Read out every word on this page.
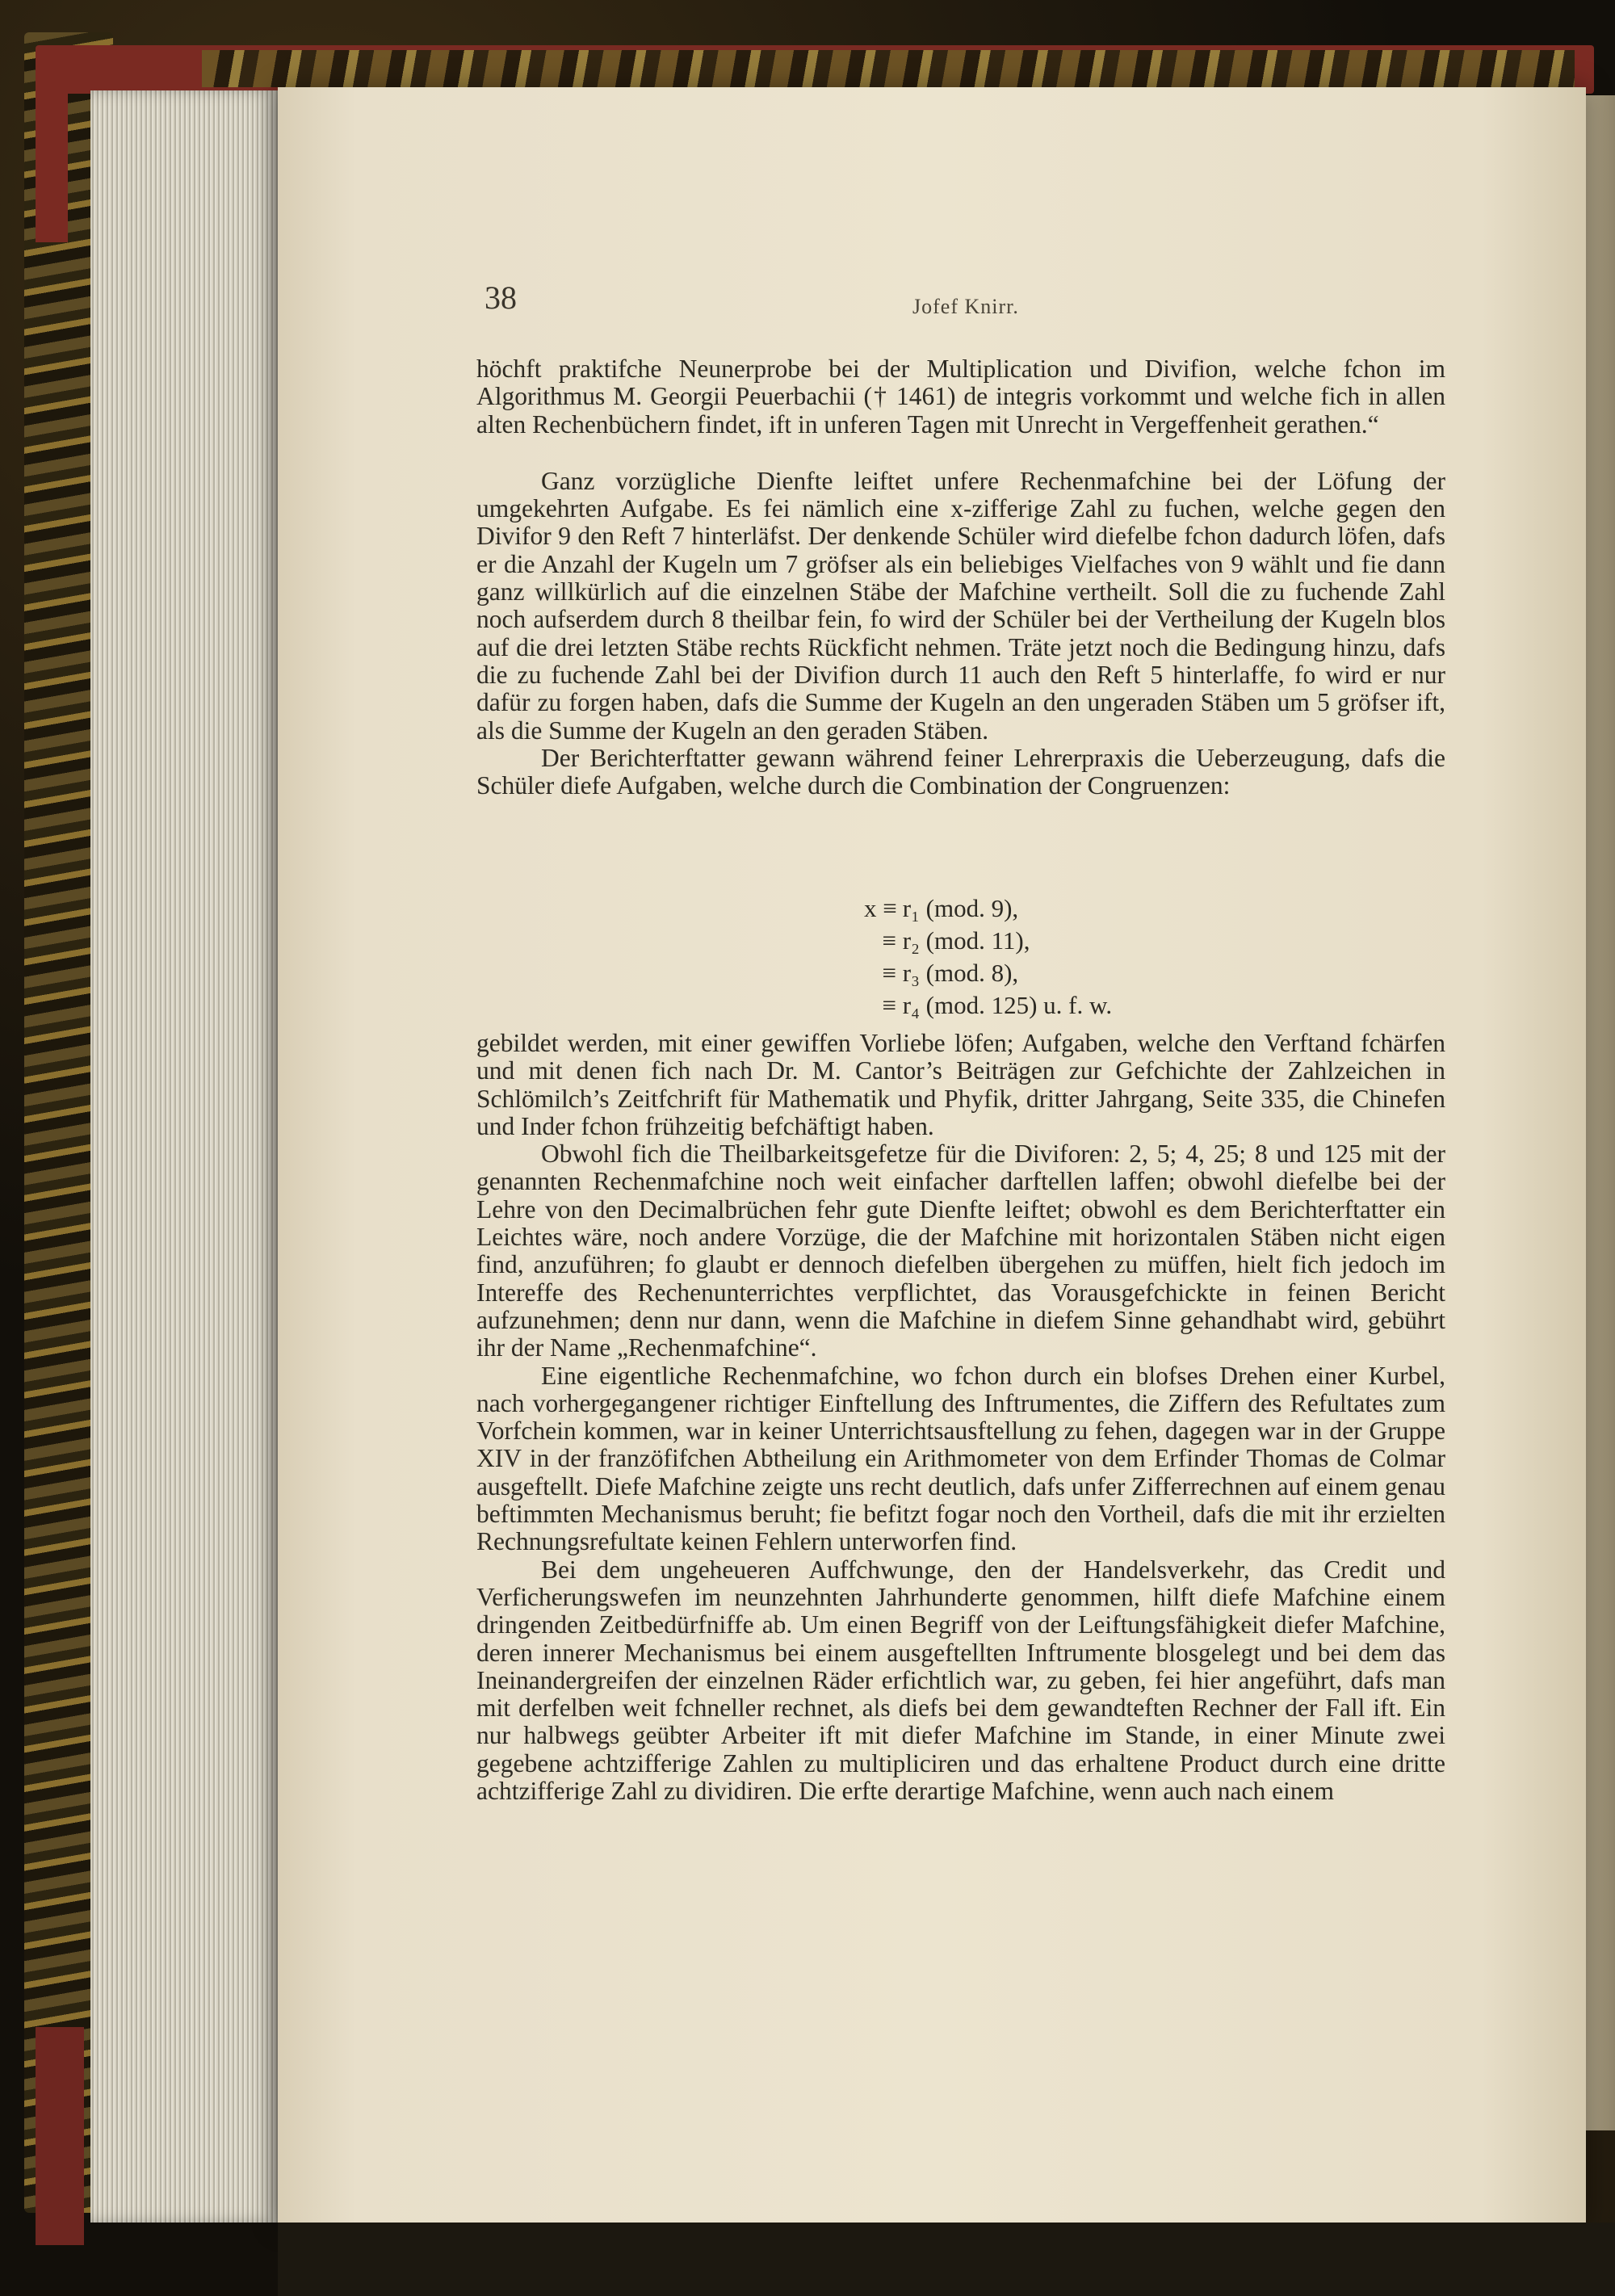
38	Jofef Knirr.

höchft praktifche Neunerprobe bei der Multiplication und Divifion, welche fchon im Algorithmus M. Georgii Peuerbachii († 1461) de integris vorkommt und welche fich in allen alten Rechenbüchern findet, ift in unferen Tagen mit Unrecht in Vergeffenheit gerathen.“

Ganz vorzügliche Dienfte leiftet unfere Rechenmafchine bei der Löfung der umgekehrten Aufgabe. Es fei nämlich eine x-zifferige Zahl zu fuchen, welche gegen den Divifor 9 den Reft 7 hinterläfst. Der denkende Schüler wird diefelbe fchon dadurch löfen, dafs er die Anzahl der Kugeln um 7 gröfser als ein beliebiges Vielfaches von 9 wählt und fie dann ganz willkürlich auf die einzelnen Stäbe der Mafchine vertheilt. Soll die zu fuchende Zahl noch aufserdem durch 8 theilbar fein, fo wird der Schüler bei der Vertheilung der Kugeln blos auf die drei letzten Stäbe rechts Rückficht nehmen. Träte jetzt noch die Bedingung hinzu, dafs die zu fuchende Zahl bei der Divifion durch 11 auch den Reft 5 hinterlaffe, fo wird er nur dafür zu forgen haben, dafs die Summe der Kugeln an den ungeraden Stäben um 5 gröfser ift, als die Summe der Kugeln an den geraden Stäben.

Der Berichterftatter gewann während feiner Lehrerpraxis die Ueberzeugung, dafs die Schüler diefe Aufgaben, welche durch die Combination der Congruenzen:

x ≡ r₁ (mod. 9),
≡ r₂ (mod. 11),
≡ r₃ (mod. 8),
≡ r₄ (mod. 125) u. f. w.

gebildet werden, mit einer gewiffen Vorliebe löfen; Aufgaben, welche den Verftand fchärfen und mit denen fich nach Dr. M. Cantor’s Beiträgen zur Gefchichte der Zahlzeichen in Schlömilch’s Zeitfchrift für Mathematik und Phyfik, dritter Jahrgang, Seite 335, die Chinefen und Inder fchon frühzeitig befchäftigt haben.

Obwohl fich die Theilbarkeitsgefetze für die Diviforen: 2, 5; 4, 25; 8 und 125 mit der genannten Rechenmafchine noch weit einfacher darftellen laffen; obwohl diefelbe bei der Lehre von den Decimalbrüchen fehr gute Dienfte leiftet; obwohl es dem Berichterftatter ein Leichtes wäre, noch andere Vorzüge, die der Mafchine mit horizontalen Stäben nicht eigen find, anzuführen; fo glaubt er dennoch diefelben übergehen zu müffen, hielt fich jedoch im Intereffe des Rechenunterrichtes verpflichtet, das Vorausgefchickte in feinen Bericht aufzunehmen; denn nur dann, wenn die Mafchine in diefem Sinne gehandhabt wird, gebührt ihr der Name „Rechenmafchine“.

Eine eigentliche Rechenmafchine, wo fchon durch ein blofses Drehen einer Kurbel, nach vorhergegangener richtiger Einftellung des Inftrumentes, die Ziffern des Refultates zum Vorfchein kommen, war in keiner Unterrichtsausftellung zu fehen, dagegen war in der Gruppe XIV in der franzöfifchen Abtheilung ein Arithmometer von dem Erfinder Thomas de Colmar ausgeftellt. Diefe Mafchine zeigte uns recht deutlich, dafs unfer Zifferrechnen auf einem genau beftimmten Mechanismus beruht; fie befitzt fogar noch den Vortheil, dafs die mit ihr erzielten Rechnungsrefultate keinen Fehlern unterworfen find.

Bei dem ungeheueren Auffchwunge, den der Handelsverkehr, das Credit und Verficherungswefen im neunzehnten Jahrhunderte genommen, hilft diefe Mafchine einem dringenden Zeitbedürfniffe ab. Um einen Begriff von der Leiftungsfähigkeit diefer Mafchine, deren innerer Mechanismus bei einem ausgeftellten Inftrumente blosgelegt und bei dem das Ineinandergreifen der einzelnen Räder erfichtlich war, zu geben, fei hier angeführt, dafs man mit derfelben weit fchneller rechnet, als diefs bei dem gewandteften Rechner der Fall ift. Ein nur halbwegs geübter Arbeiter ift mit diefer Mafchine im Stande, in einer Minute zwei gegebene achtzifferige Zahlen zu multipliciren und das erhaltene Product durch eine dritte achtzifferige Zahl zu dividiren. Die erfte derartige Mafchine, wenn auch nach einem
